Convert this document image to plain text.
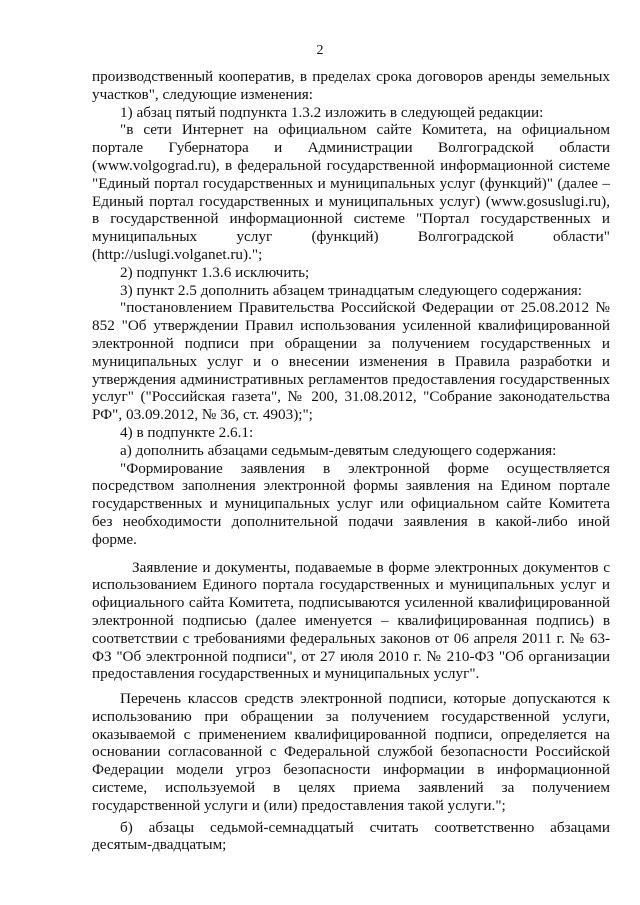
2

производственный кооператив, в пределах срока договоров аренды земельных участков", следующие изменения:

1) абзац пятый подпункта 1.3.2 изложить в следующей редакции:

"в сети Интернет на официальном сайте Комитета, на официальном портале Губернатора и Администрации Волгоградской области (www.volgograd.ru), в федеральной государственной информационной системе "Единый портал государственных и муниципальных услуг (функций)" (далее – Единый портал государственных и муниципальных услуг) (www.gosuslugi.ru), в государственной информационной системе "Портал государственных и муниципальных услуг (функций) Волгоградской области" (http://uslugi.volganet.ru).";

2) подпункт 1.3.6 исключить;

3) пункт 2.5 дополнить абзацем тринадцатым следующего содержания:

"постановлением Правительства Российской Федерации от 25.08.2012 № 852 "Об утверждении Правил использования усиленной квалифицированной электронной подписи при обращении за получением государственных и муниципальных услуг и о внесении изменения в Правила разработки и утверждения административных регламентов предоставления государственных услуг" ("Российская газета", № 200, 31.08.2012, "Собрание законодательства РФ", 03.09.2012, № 36, ст. 4903);";

4) в подпункте 2.6.1:

а) дополнить абзацами седьмым-девятым следующего содержания:

"Формирование заявления в электронной форме осуществляется посредством заполнения электронной формы заявления на Едином портале государственных и муниципальных услуг или официальном сайте Комитета без необходимости дополнительной подачи заявления в какой-либо иной форме.

Заявление и документы, подаваемые в форме электронных документов с использованием Единого портала государственных и муниципальных услуг и официального сайта Комитета, подписываются усиленной квалифицированной электронной подписью (далее именуется – квалифицированная подпись) в соответствии с требованиями федеральных законов от 06 апреля 2011 г. № 63-ФЗ "Об электронной подписи", от 27 июля 2010 г. № 210-ФЗ "Об организации предоставления государственных и муниципальных услуг".

Перечень классов средств электронной подписи, которые допускаются к использованию при обращении за получением государственной услуги, оказываемой с применением квалифицированной подписи, определяется на основании согласованной с Федеральной службой безопасности Российской Федерации модели угроз безопасности информации в информационной системе, используемой в целях приема заявлений за получением государственной услуги и (или) предоставления такой услуги.";

б) абзацы седьмой-семнадцатый считать соответственно абзацами десятым-двадцатым;
